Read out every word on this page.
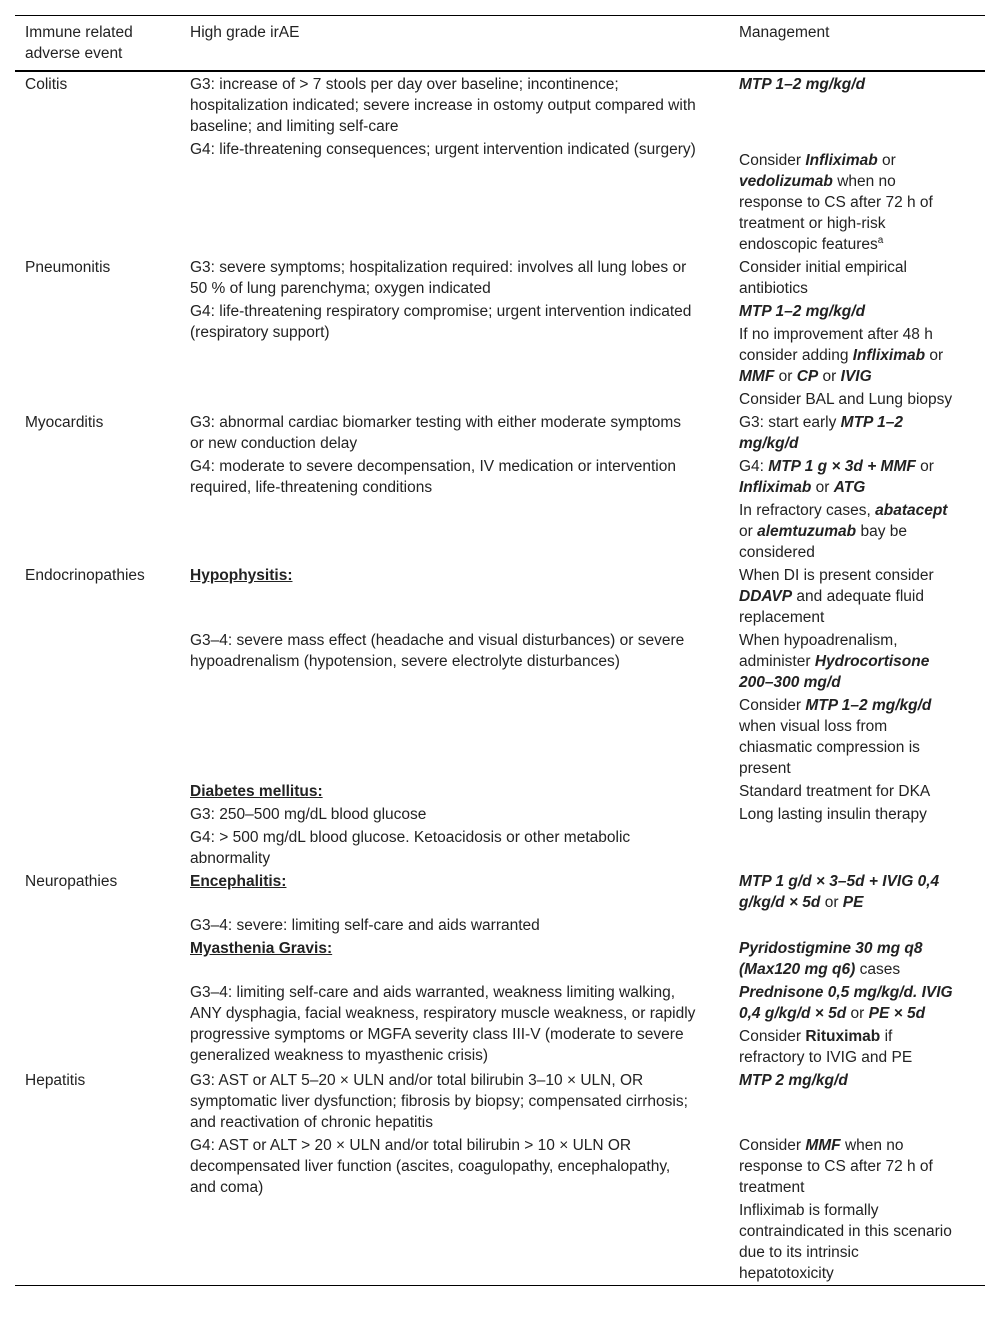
Immune related adverse event	High grade irAE	Management
Colitis	G3: increase of > 7 stools per day over baseline; incontinence; hospitalization indicated; severe increase in ostomy output compared with baseline; and limiting self-care	MTP 1–2 mg/kg/d

	G4: life-threatening consequences; urgent intervention indicated (surgery)	Consider Infliximab or vedolizumab when no response to CS after 72 h of treatment or high-risk endoscopic features$^a$

Pneumonitis	G3: severe symptoms; hospitalization required: involves all lung lobes or 50 % of lung parenchyma; oxygen indicated	Consider initial empirical antibiotics

	G4: life-threatening respiratory compromise; urgent intervention indicated (respiratory support)	MTP 1–2 mg/kg/d
If no improvement after 48 h consider adding Infliximab or MMF or CP or IVIG
Consider BAL and Lung biopsy

Myocarditis	G3: abnormal cardiac biomarker testing with either moderate symptoms or new conduction delay	G3: start early MTP 1–2 mg/kg/d

	G4: moderate to severe decompensation, IV medication or intervention required, life-threatening conditions	G4: MTP 1 g × 3d + MMF or Infliximab or ATG
In refractory cases, abatacept or alemtuzumab bay be considered

Endocrinopathies	Hypophysitis:	When DI is present consider DDAVP and adequate fluid replacement

	G3–4: severe mass effect (headache and visual disturbances) or severe hypoadrenalism (hypotension, severe electrolyte disturbances)	When hypoadrenalism, administer Hydrocortisone 200–300 mg/d
Consider MTP 1–2 mg/kg/d when visual loss from chiasmatic compression is present

	Diabetes mellitus:	Standard treatment for DKA

	G3: 250–500 mg/dL blood glucose	Long lasting insulin therapy

	G4: > 500 mg/dL blood glucose. Ketoacidosis or other metabolic abnormality	
Neuropathies	Encephalitis:	MTP 1 g/d × 3–5d + IVIG 0,4 g/kg/d × 5d or PE

	G3–4: severe: limiting self-care and aids warranted	
	Myasthenia Gravis:	Pyridostigmine 30 mg q8 (Max120 mg q6) cases

	G3–4: limiting self-care and aids warranted, weakness limiting walking, ANY dysphagia, facial weakness, respiratory muscle weakness, or rapidly progressive symptoms or MGFA severity class III-V (moderate to severe generalized weakness to myasthenic crisis)	Prednisone 0,5 mg/kg/d. IVIG 0,4 g/kg/d × 5d or PE × 5d
Consider Rituximab if refractory to IVIG and PE

Hepatitis	G3: AST or ALT 5–20 × ULN and/or total bilirubin 3–10 × ULN, OR symptomatic liver dysfunction; fibrosis by biopsy; compensated cirrhosis; and reactivation of chronic hepatitis	MTP 2 mg/kg/d

	G4: AST or ALT > 20 × ULN and/or total bilirubin > 10 × ULN OR decompensated liver function (ascites, coagulopathy, encephalopathy, and coma)	Consider MMF when no response to CS after 72 h of treatment
Infliximab is formally contraindicated in this scenario due to its intrinsic hepatotoxicity
